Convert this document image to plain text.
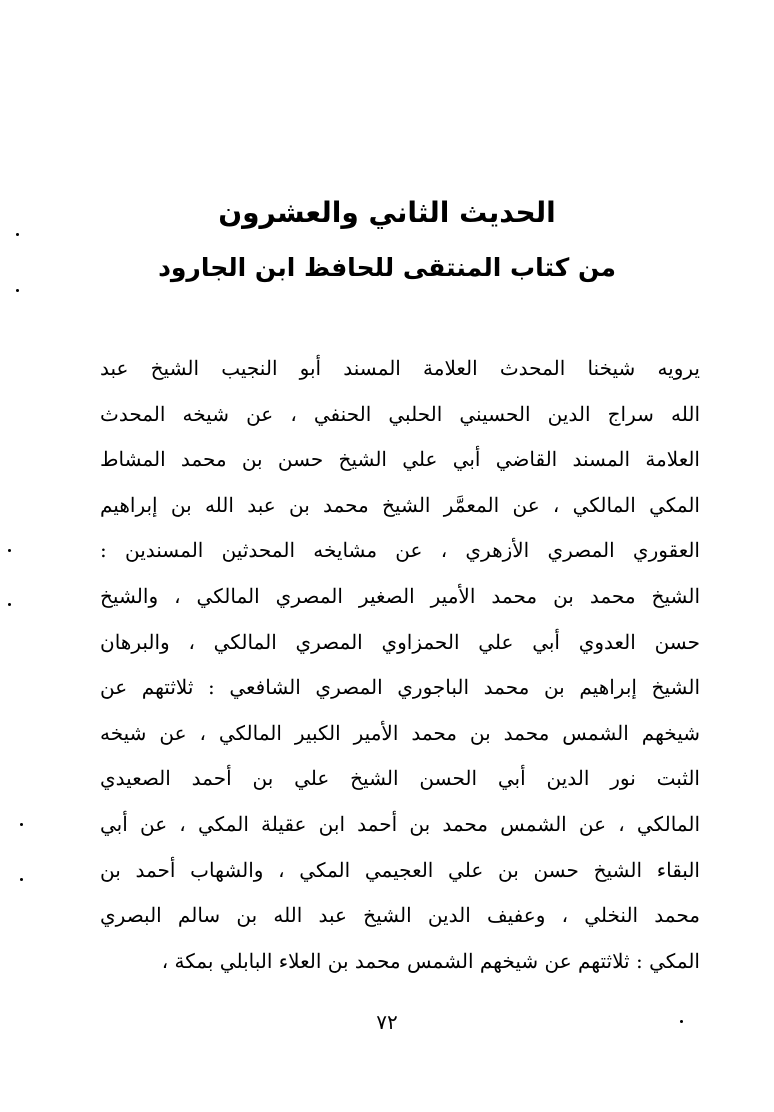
الحديث الثاني والعشرون
من كتاب المنتقى للحافظ ابن الجارود
يرويه شيخنا المحدث العلامة المسند أبو النجيب الشيخ عبد
الله سراج الدين الحسيني الحلبي الحنفي ، عن شيخه المحدث
العلامة المسند القاضي أبي علي الشيخ حسن بن محمد المشاط
المكي المالكي ، عن المعمَّر الشيخ محمد بن عبد الله بن إبراهيم
العقوري المصري الأزهري ، عن مشايخه المحدثين المسندين :
الشيخ محمد بن محمد الأمير الصغير المصري المالكي ، والشيخ
حسن العدوي أبي علي الحمزاوي المصري المالكي ، والبرهان
الشيخ إبراهيم بن محمد الباجوري المصري الشافعي : ثلاثتهم عن
شيخهم الشمس محمد بن محمد الأمير الكبير المالكي ، عن شيخه
الثبت نور الدين أبي الحسن الشيخ علي بن أحمد الصعيدي
المالكي ، عن الشمس محمد بن أحمد ابن عقيلة المكي ، عن أبي
البقاء الشيخ حسن بن علي العجيمي المكي ، والشهاب أحمد بن
محمد النخلي ، وعفيف الدين الشيخ عبد الله بن سالم البصري
المكي : ثلاثتهم عن شيخهم الشمس محمد بن العلاء البابلي بمكة ،
٧٢
